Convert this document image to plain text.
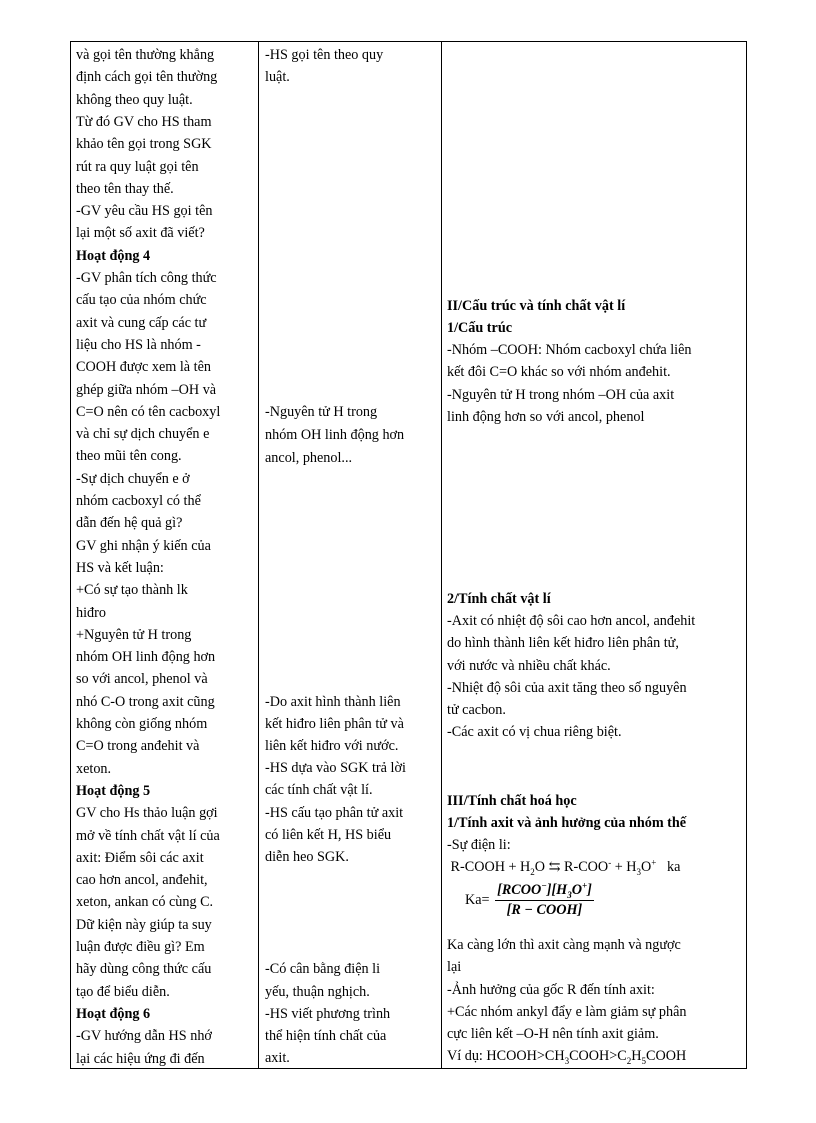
và gọi tên thường khẳng
định cách gọi tên thường
không theo quy luật.
Từ đó GV cho HS tham
khảo tên gọi trong SGK
rút ra quy luật gọi tên
theo tên thay thế.
-GV yêu cầu HS gọi tên
lại một số axit đã viết?
Hoạt động 4
-GV phân tích công thức
cấu tạo của nhóm chức
axit và cung cấp các tư
liệu cho HS là nhóm -
COOH được xem là tên
ghép giữa nhóm –OH và
C=O nên có tên cacboxyl
và chỉ sự dịch chuyển e
theo mũi tên cong.
-Sự dịch chuyển e ở
nhóm cacboxyl có thể
dẫn đến hệ quả gì?
GV ghi nhận ý kiến của
HS và kết luận:
+Có sự tạo thành lk
hiđro
+Nguyên tử H trong
nhóm OH linh động hơn
so với ancol, phenol và
nhó C-O trong axit cũng
không còn giống nhóm
C=O trong anđehit và
xeton.
Hoạt động 5
GV cho Hs thảo luận gợi
mở về tính chất vật lí của
axit: Điểm sôi các axit
cao hơn ancol, anđehit,
xeton, ankan có cùng C.
Dữ kiện này giúp ta suy
luận được điều gì? Em
hãy dùng công thức cấu
tạo để biểu diễn.
Hoạt động 6
-GV hướng dẫn HS nhớ
lại các hiệu ứng đi đến
-HS gọi tên theo quy
luật.
-Nguyên tử H trong
nhóm OH linh động hơn
ancol, phenol...
-Do axit hình thành liên
kết hiđro liên phân tử và
liên kết hiđro với nước.
-HS dựa vào SGK trả lời
các tính chất vật lí.
-HS cấu tạo phân tử axit
có liên kết H, HS biểu
diễn heo SGK.
-Có cân bằng điện li
yếu, thuận nghịch.
-HS viết phương trình
thể hiện tính chất của
axit.
R-COOH + $H_2O$ ⇆ $R-COO^- + H_3O^+$ ka
$Ka= \frac{[RCOO^-][H_3O^+]}{\text{[R − COOH]}}$
Ví dụ: $HCOOH>CH_3COOH>C_2H_5COOH$
II/Cấu trúc và tính chất vật lí
1/Cấu trúc
-Nhóm –COOH: Nhóm cacboxyl chứa liên
kết đôi C=O khác so với nhóm anđehit.
-Nguyên tử H trong nhóm –OH của axit
linh động hơn so với ancol, phenol
2/Tính chất vật lí
-Axit có nhiệt độ sôi cao hơn ancol, anđehit
do hình thành liên kết hiđro liên phân tử,
với nước và nhiều chất khác.
-Nhiệt độ sôi của axit tăng theo số nguyên
tử cacbon.
-Các axit có vị chua riêng biệt.
III/Tính chất hoá học
1/Tính axit và ảnh hưởng của nhóm thế
-Sự điện li:
Ka càng lớn thì axit càng mạnh và ngược
lại
-Ảnh hưởng của gốc R đến tính axit:
+Các nhóm ankyl đẩy e làm giảm sự phân
cực liên kết –O-H nên tính axit giảm.
